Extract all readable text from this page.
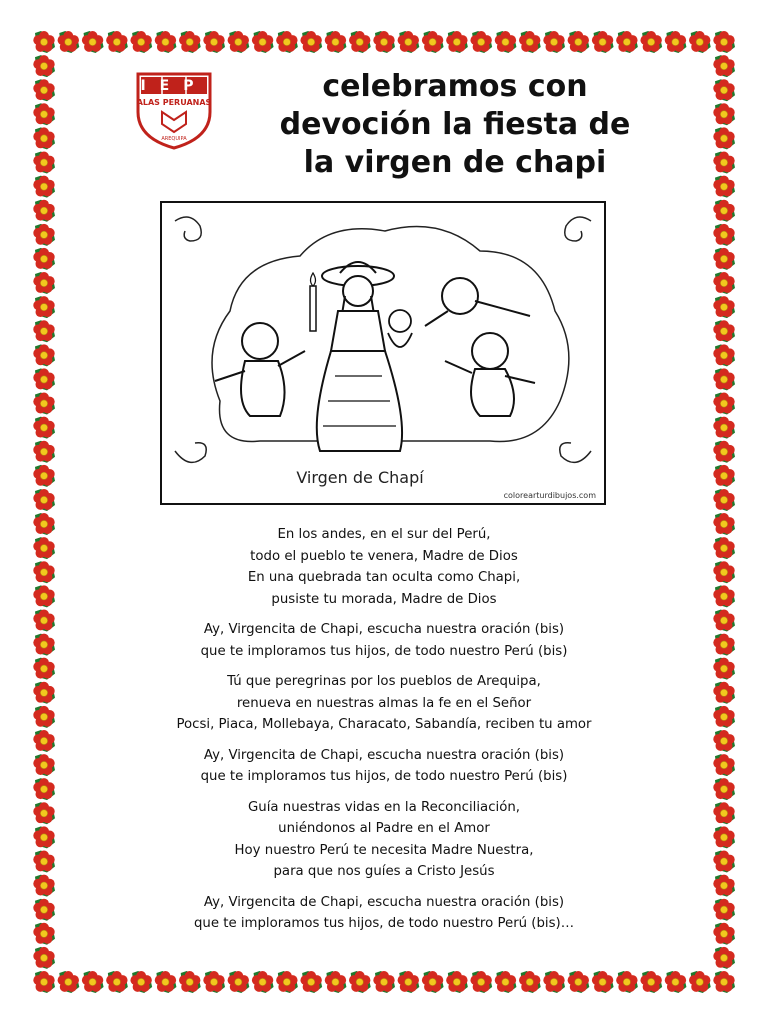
IEP
ALAS PERUANAS
AREQUIPA
celebramos con
devoción la fiesta de
la virgen de chapi
Virgen de Chapí
colorearturdibujos.com

En los andes, en el sur del Perú,
todo el pueblo te venera, Madre de Dios
En una quebrada tan oculta como Chapi,
pusiste tu morada, Madre de Dios

Ay, Virgencita de Chapi, escucha nuestra oración (bis)
que te imploramos tus hijos, de todo nuestro Perú (bis)

Tú que peregrinas por los pueblos de Arequipa,
renueva en nuestras almas la fe en el Señor
Pocsi, Piaca, Mollebaya, Characato, Sabandía, reciben tu amor

Ay, Virgencita de Chapi, escucha nuestra oración (bis)
que te imploramos tus hijos, de todo nuestro Perú (bis)

Guía nuestras vidas en la Reconciliación,
uniéndonos al Padre en el Amor
Hoy nuestro Perú te necesita Madre Nuestra,
para que nos guíes a Cristo Jesús

Ay, Virgencita de Chapi, escucha nuestra oración (bis)
que te imploramos tus hijos, de todo nuestro Perú (bis)…
